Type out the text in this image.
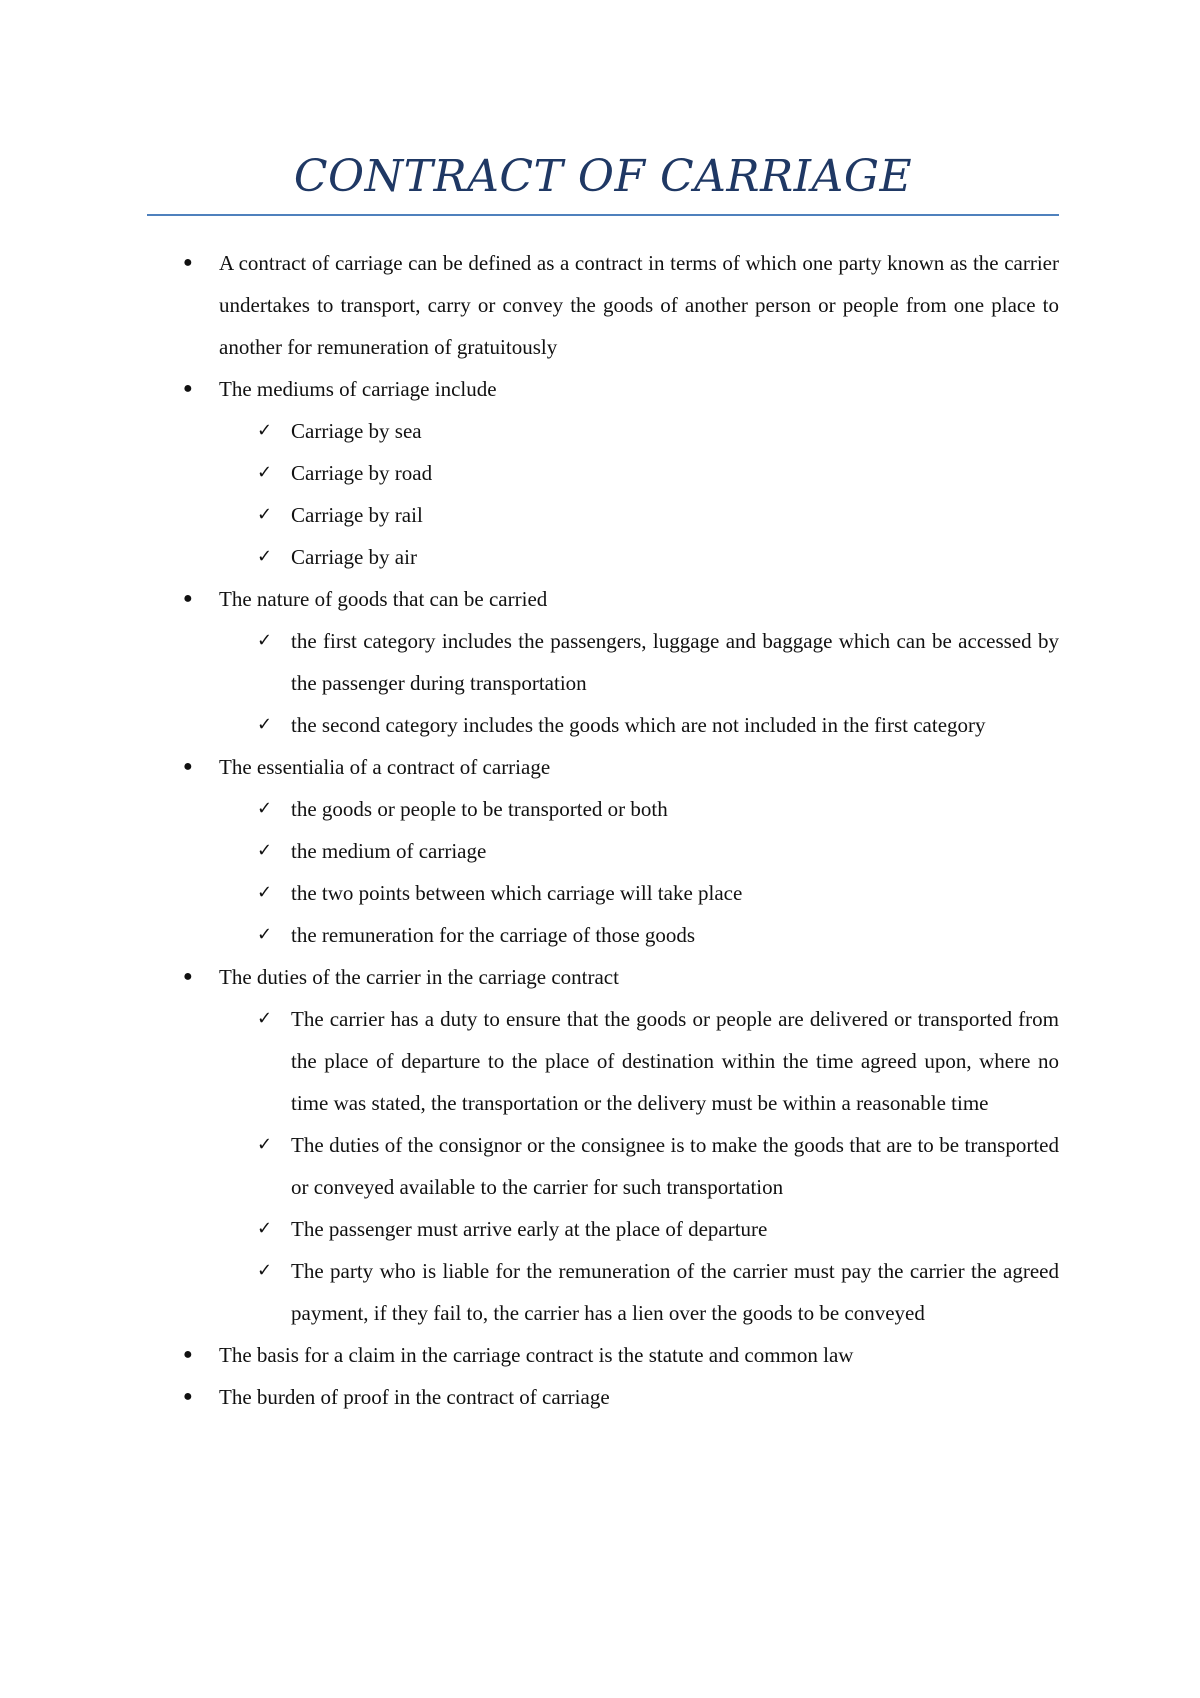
CONTRACT OF CARRIAGE
● A contract of carriage can be defined as a contract in terms of which one party known as the carrier undertakes to transport, carry or convey the goods of another person or people from one place to another for remuneration of gratuitously
● The mediums of carriage include
✓ Carriage by sea
✓ Carriage by road
✓ Carriage by rail
✓ Carriage by air
● The nature of goods that can be carried
✓ the first category includes the passengers, luggage and baggage which can be accessed by the passenger during transportation
✓ the second category includes the goods which are not included in the first category
● The essentialia of a contract of carriage
✓ the goods or people to be transported or both
✓ the medium of carriage
✓ the two points between which carriage will take place
✓ the remuneration for the carriage of those goods
● The duties of the carrier in the carriage contract
✓ The carrier has a duty to ensure that the goods or people are delivered or transported from the place of departure to the place of destination within the time agreed upon, where no time was stated, the transportation or the delivery must be within a reasonable time
✓ The duties of the consignor or the consignee is to make the goods that are to be transported or conveyed available to the carrier for such transportation
✓ The passenger must arrive early at the place of departure
✓ The party who is liable for the remuneration of the carrier must pay the carrier the agreed payment, if they fail to, the carrier has a lien over the goods to be conveyed
● The basis for a claim in the carriage contract is the statute and common law
● The burden of proof in the contract of carriage
